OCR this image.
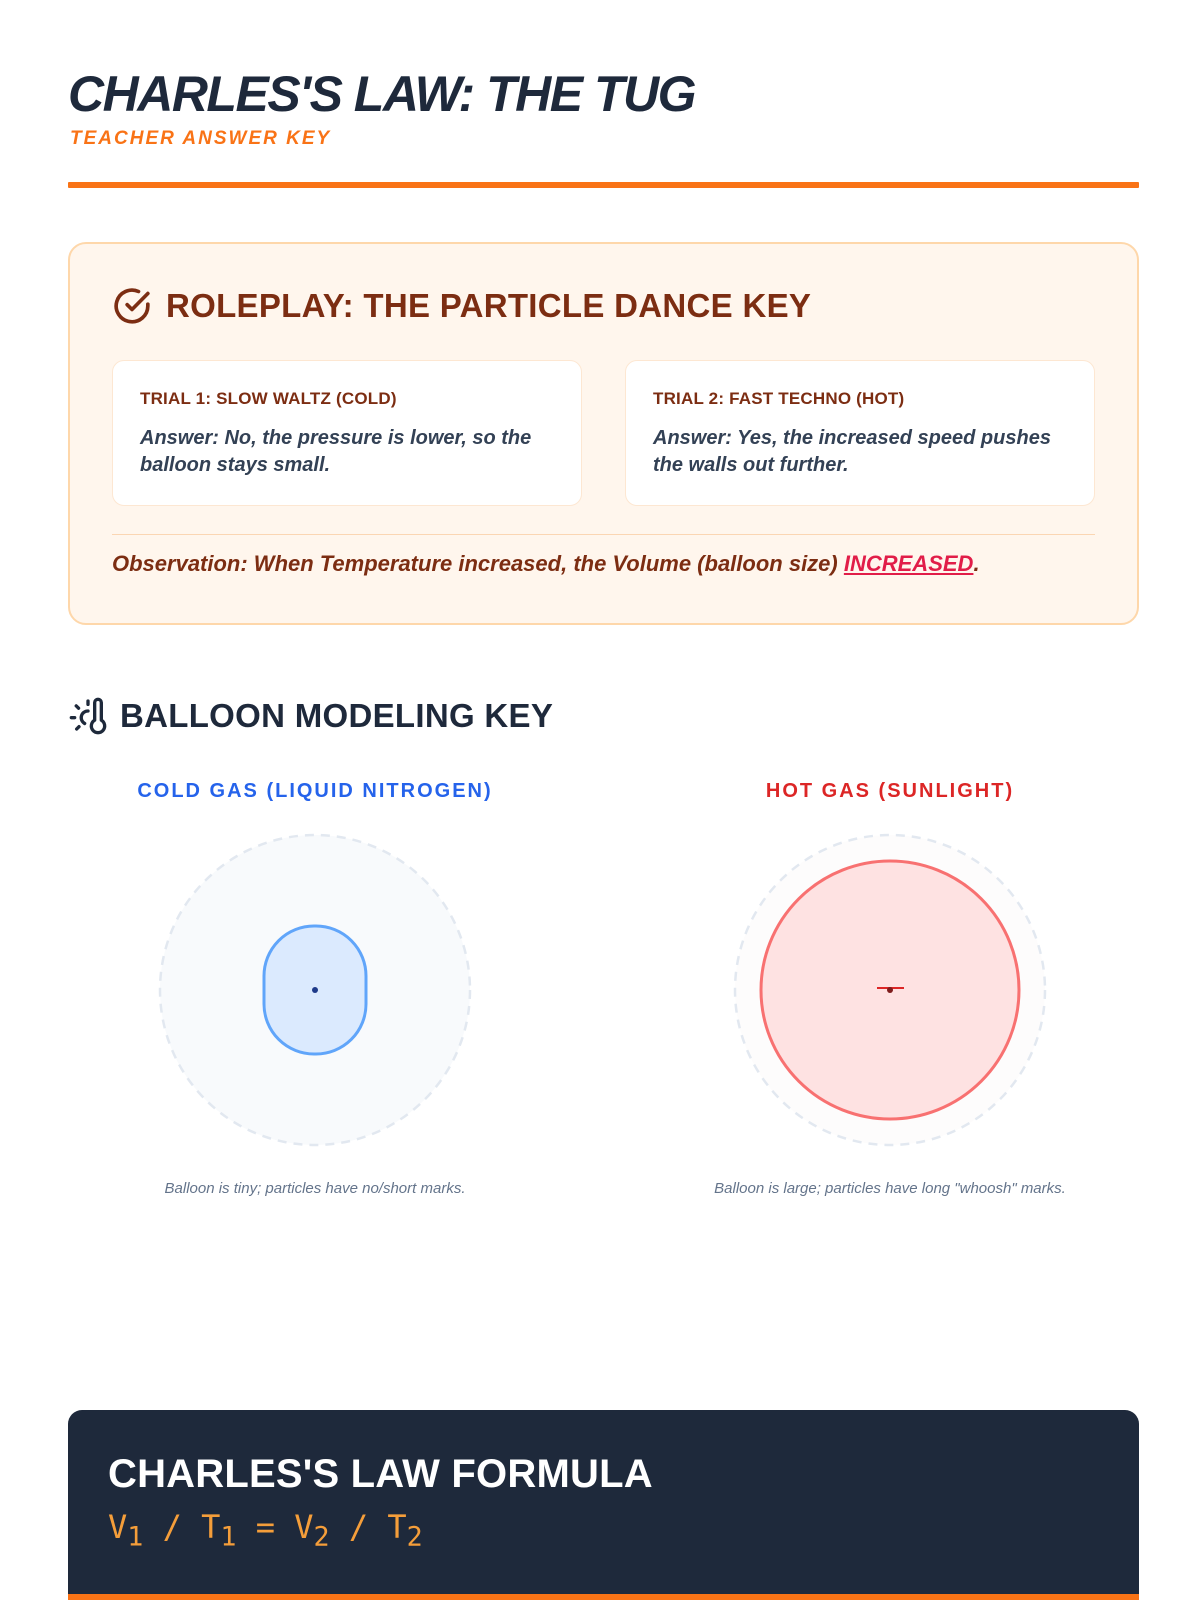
CHARLES'S LAW: THE TUG
TEACHER ANSWER KEY
ROLEPLAY: THE PARTICLE DANCE KEY
TRIAL 1: SLOW WALTZ (COLD)
Answer: No, the pressure is lower, so the balloon stays small.
TRIAL 2: FAST TECHNO (HOT)
Answer: Yes, the increased speed pushes the walls out further.
Observation: When Temperature increased, the Volume (balloon size) INCREASED.
BALLOON MODELING KEY
COLD GAS (LIQUID NITROGEN)
Balloon is tiny; particles have no/short marks.
HOT GAS (SUNLIGHT)
Balloon is large; particles have long "whoosh" marks.
CHARLES'S LAW FORMULA
$V_1 / T_1 = V_2 / T_2$
